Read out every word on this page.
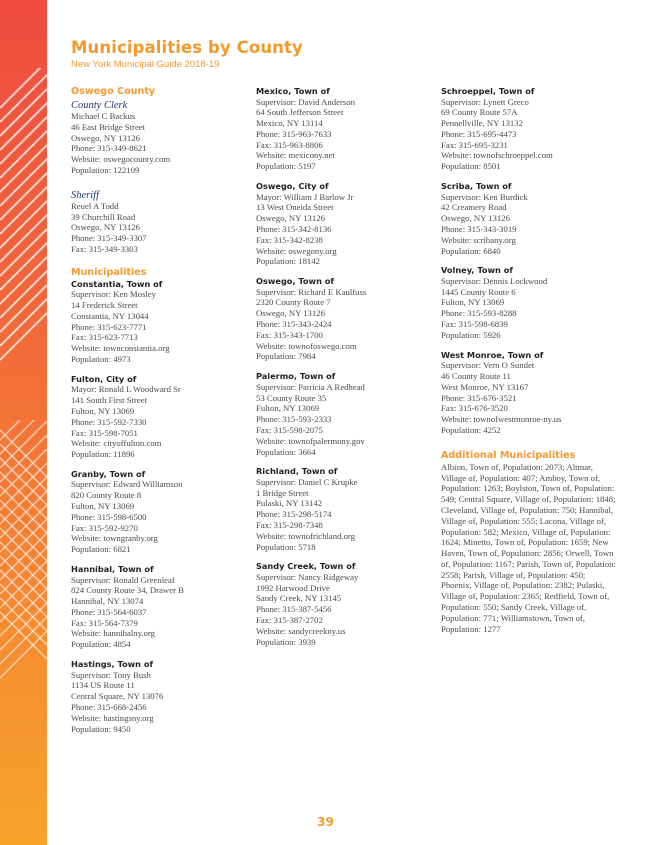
Municipalities by County
New York Municipal Guide 2018-19
Oswego County
County Clerk
Michael C Backus
46 East Bridge Street
Oswego, NY 13126
Phone: 315-349-8621
Website: oswegocounty.com
Population: 122109
Sheriff
Reuel A Todd
39 Churchill Road
Oswego, NY 13126
Phone: 315-349-3307
Fax: 315-349-3303
Municipalities
Constantia, Town of
Supervisor: Ken Mosley
14 Frederick Street
Constantia, NY 13044
Phone: 315-623-7771
Fax: 315-623-7713
Website: townconstantia.org
Population: 4973
Fulton, City of
Mayor: Ronald L Woodward Sr
141 South First Street
Fulton, NY 13069
Phone: 315-592-7330
Fax: 315-598-7051
Website: cityoffulton.com
Population: 11896
Granby, Town of
Supervisor: Edward Williamson
820 County Route 8
Fulton, NY 13069
Phone: 315-598-6500
Fax: 315-592-9270
Website: towngranby.org
Population: 6821
Hannibal, Town of
Supervisor: Ronald Greenleaf
824 County Route 34, Drawer B
Hannibal, NY 13074
Phone: 315-564-6037
Fax: 315-564-7379
Website: hannibalny.org
Population: 4854
Hastings, Town of
Supervisor: Tony Bush
1134 US Route 11
Central Square, NY 13076
Phone: 315-668-2456
Website: hastingsny.org
Population: 9450
Mexico, Town of
Supervisor: David Anderson
64 South Jefferson Street
Mexico, NY 13114
Phone: 315-963-7633
Fax: 315-963-8806
Website: mexicony.net
Population: 5197
Oswego, City of
Mayor: William J Barlow Jr
13 West Oneida Street
Oswego, NY 13126
Phone: 315-342-8136
Fax: 315-342-8238
Website: oswegony.org
Population: 18142
Oswego, Town of
Supervisor: Richard E Kaulfuss
2320 County Route 7
Oswego, NY 13126
Phone: 315-343-2424
Fax: 315-343-1700
Website: townofoswego.com
Population: 7984
Palermo, Town of
Supervisor: Patricia A Redhead
53 County Route 35
Fulton, NY 13069
Phone: 315-593-2333
Fax: 315-598-2075
Website: townofpalermony.gov
Population: 3664
Richland, Town of
Supervisor: Daniel C Krupke
1 Bridge Street
Pulaski, NY 13142
Phone: 315-298-5174
Fax: 315-298-7348
Website: townofrichland.org
Population: 5718
Sandy Creek, Town of
Supervisor: Nancy Ridgeway
1992 Harwood Drive
Sandy Creek, NY 13145
Phone: 315-387-5456
Fax: 315-387-2702
Website: sandycreekny.us
Population: 3939
Schroeppel, Town of
Supervisor: Lynett Greco
69 County Route 57A
Pennellville, NY 13132
Phone: 315-695-4473
Fax: 315-695-3231
Website: townofschroeppel.com
Population: 8501
Scriba, Town of
Supervisor: Ken Burdick
42 Creamery Road
Oswego, NY 13126
Phone: 315-343-3019
Website: scribany.org
Population: 6840
Volney, Town of
Supervisor: Dennis Lockwood
1445 County Route 6
Fulton, NY 13069
Phone: 315-593-8288
Fax: 315-598-6839
Population: 5926
West Monroe, Town of
Supervisor: Vern O Sundet
46 County Route 11
West Monroe, NY 13167
Phone: 315-676-3521
Fax: 315-676-3520
Website: townofwestmonroe-ny.us
Population: 4252
Additional Municipalities
Albion, Town of, Population: 2073; Altmar, Village of, Population: 407; Amboy, Town of, Population: 1263; Boylston, Town of, Population: 549; Central Square, Village of, Population: 1848; Cleveland, Village of, Population: 750; Hannibal, Village of, Population: 555; Lacona, Village of, Population: 582; Mexico, Village of, Population: 1624; Minetto, Town of, Population: 1659; New Haven, Town of, Population: 2856; Orwell, Town of, Population: 1167; Parish, Town of, Population: 2558; Parish, Village of, Population: 450; Phoenix, Village of, Population: 2382; Pulaski, Village of, Population: 2365; Redfield, Town of, Population: 550; Sandy Creek, Village of, Population: 771; Williamstown, Town of, Population: 1277
39
